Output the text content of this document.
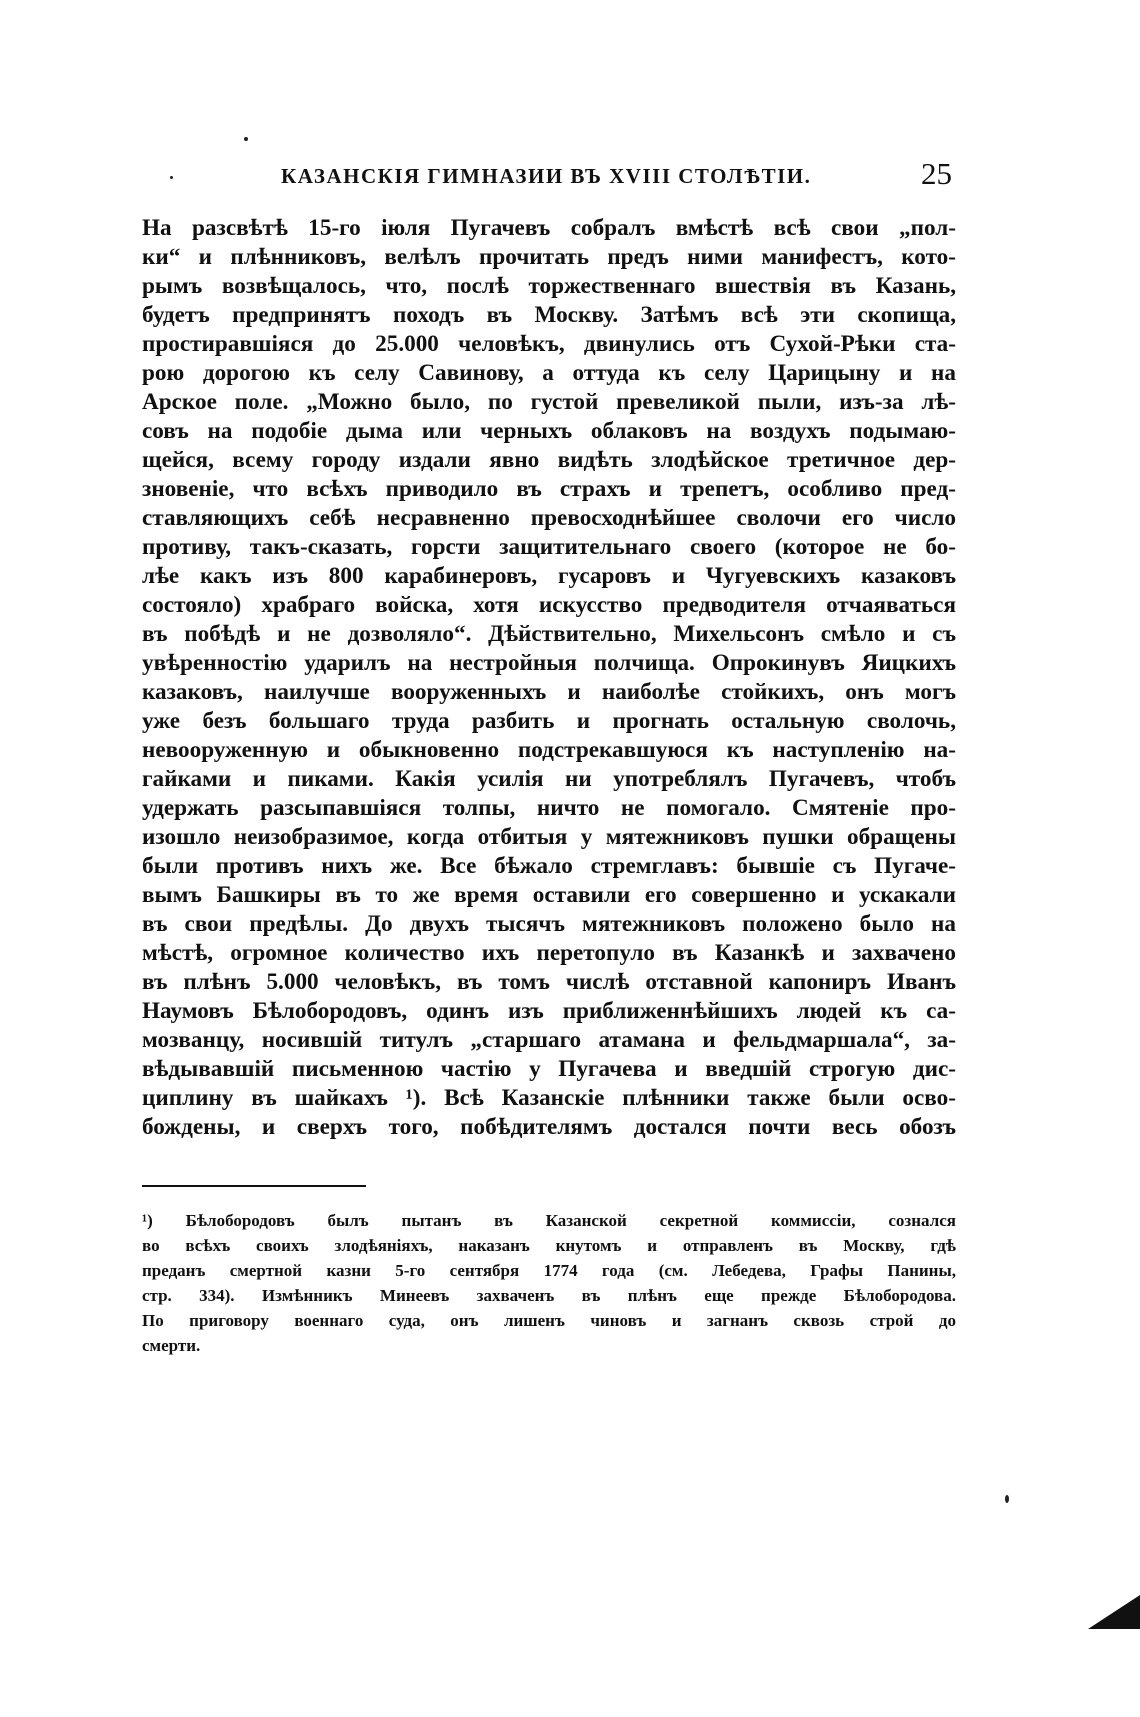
КАЗАНСКІЯ ГИМНАЗИИ ВЪ XVIII СТОЛѢТІИ.	25
На разсвѣтѣ 15-го іюля Пугачевъ собралъ вмѣстѣ всѣ свои „пол-
ки“ и плѣнниковъ, велѣлъ прочитать предъ ними манифестъ, кото-
рымъ возвѣщалось, что, послѣ торжественнаго вшествія въ Казань,
будетъ предпринятъ походъ въ Москву. Затѣмъ всѣ эти скопища,
простиравшіяся до 25.000 человѣкъ, двинулись отъ Сухой-Рѣки ста-
рою дорогою къ селу Савинову, а оттуда къ селу Царицыну и на
Арское поле. „Можно было, по густой превеликой пыли, изъ-за лѣ-
совъ на подобіе дыма или черныхъ облаковъ на воздухъ подымаю-
щейся, всему городу издали явно видѣть злодѣйское третичное дер-
зновеніе, что всѣхъ приводило въ страхъ и трепетъ, особливо пред-
ставляющихъ себѣ несравненно превосходнѣйшее сволочи его число
противу, такъ-сказать, горсти защитительнаго своего (которое не бо-
лѣе какъ изъ 800 карабинеровъ, гусаровъ и Чугуевскихъ казаковъ
состояло) храбраго войска, хотя искусство предводителя отчаяваться
въ побѣдѣ и не дозволяло“. Дѣйствительно, Михельсонъ смѣло и съ
увѣренностію ударилъ на нестройныя полчища. Опрокинувъ Яицкихъ
казаковъ, наилучше вооруженныхъ и наиболѣе стойкихъ, онъ могъ
уже безъ большаго труда разбить и прогнать остальную сволочь,
невооруженную и обыкновенно подстрекавшуюся къ наступленію на-
гайками и пиками. Какія усилія ни употреблялъ Пугачевъ, чтобъ
удержать разсыпавшіяся толпы, ничто не помогало. Смятеніе про-
изошло неизобразимое, когда отбитыя у мятежниковъ пушки обращены
были противъ нихъ же. Все бѣжало стремглавъ: бывшіе съ Пугаче-
вымъ Башкиры въ то же время оставили его совершенно и ускакали
въ свои предѣлы. До двухъ тысячъ мятежниковъ положено было на
мѣстѣ, огромное количество ихъ перетопуло въ Казанкѣ и захвачено
въ плѣнъ 5.000 человѣкъ, въ томъ числѣ отставной капониръ Иванъ
Наумовъ Бѣлобородовъ, одинъ изъ приближеннѣйшихъ людей къ са-
мозванцу, носившій титулъ „старшаго атамана и фельдмаршала“, за-
вѣдывавшій письменною частію у Пугачева и введшій строгую дис-
циплину въ шайкахъ ¹). Всѣ Казанскіе плѣнники также были осво-
бождены, и сверхъ того, побѣдителямъ достался почти весь обозъ
¹) Бѣлобородовъ былъ пытанъ въ Казанской секретной коммиссіи, сознался
во всѣхъ своихъ злодѣяніяхъ, наказанъ кнутомъ и отправленъ въ Москву, гдѣ
преданъ смертной казни 5-го сентября 1774 года (см. Лебедева, Графы Панины,
стр. 334). Измѣнникъ Минеевъ захваченъ въ плѣнъ еще прежде Бѣлобородова.
По приговору военнаго суда, онъ лишенъ чиновъ и загнанъ сквозь строй до
смерти.
